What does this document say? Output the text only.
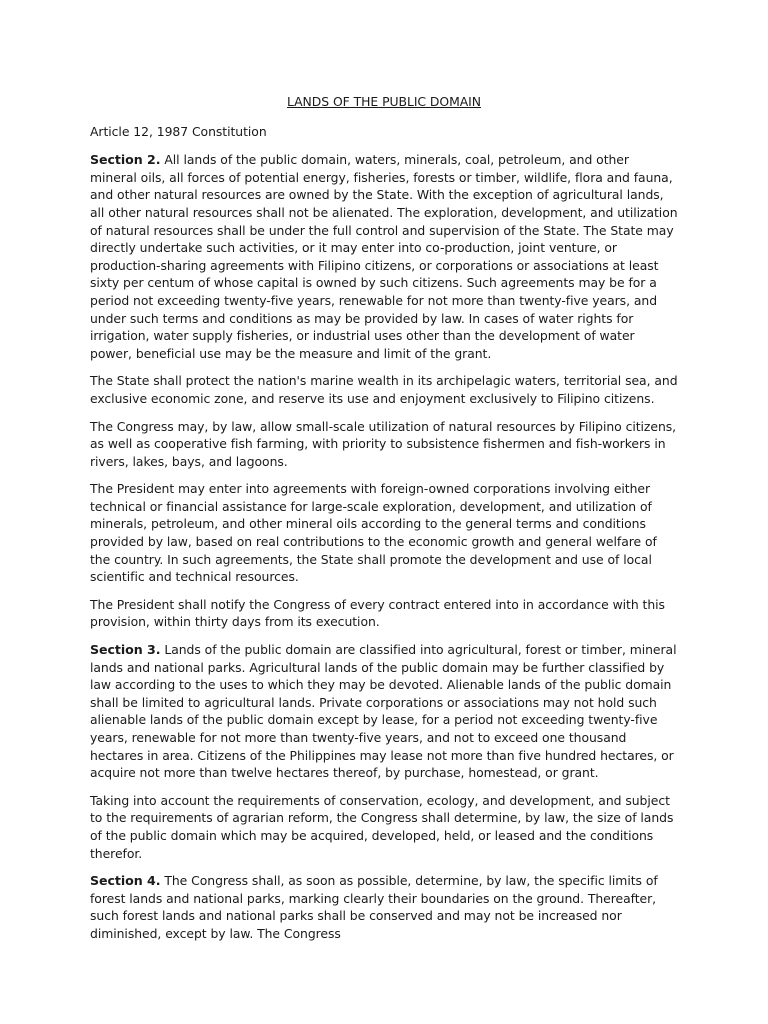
LANDS OF THE PUBLIC DOMAIN
Article 12, 1987 Constitution

Section 2. All lands of the public domain, waters, minerals, coal, petroleum, and other mineral oils, all forces of potential energy, fisheries, forests or timber, wildlife, flora and fauna, and other natural resources are owned by the State. With the exception of agricultural lands, all other natural resources shall not be alienated. The exploration, development, and utilization of natural resources shall be under the full control and supervision of the State. The State may directly undertake such activities, or it may enter into co-production, joint venture, or production-sharing agreements with Filipino citizens, or corporations or associations at least sixty per centum of whose capital is owned by such citizens. Such agreements may be for a period not exceeding twenty-five years, renewable for not more than twenty-five years, and under such terms and conditions as may be provided by law. In cases of water rights for irrigation, water supply fisheries, or industrial uses other than the development of water power, beneficial use may be the measure and limit of the grant.

The State shall protect the nation's marine wealth in its archipelagic waters, territorial sea, and exclusive economic zone, and reserve its use and enjoyment exclusively to Filipino citizens.

The Congress may, by law, allow small-scale utilization of natural resources by Filipino citizens, as well as cooperative fish farming, with priority to subsistence fishermen and fish-workers in rivers, lakes, bays, and lagoons.

The President may enter into agreements with foreign-owned corporations involving either technical or financial assistance for large-scale exploration, development, and utilization of minerals, petroleum, and other mineral oils according to the general terms and conditions provided by law, based on real contributions to the economic growth and general welfare of the country. In such agreements, the State shall promote the development and use of local scientific and technical resources.

The President shall notify the Congress of every contract entered into in accordance with this provision, within thirty days from its execution.

Section 3. Lands of the public domain are classified into agricultural, forest or timber, mineral lands and national parks. Agricultural lands of the public domain may be further classified by law according to the uses to which they may be devoted. Alienable lands of the public domain shall be limited to agricultural lands. Private corporations or associations may not hold such alienable lands of the public domain except by lease, for a period not exceeding twenty-five years, renewable for not more than twenty-five years, and not to exceed one thousand hectares in area. Citizens of the Philippines may lease not more than five hundred hectares, or acquire not more than twelve hectares thereof, by purchase, homestead, or grant.

Taking into account the requirements of conservation, ecology, and development, and subject to the requirements of agrarian reform, the Congress shall determine, by law, the size of lands of the public domain which may be acquired, developed, held, or leased and the conditions therefor.

Section 4. The Congress shall, as soon as possible, determine, by law, the specific limits of forest lands and national parks, marking clearly their boundaries on the ground. Thereafter, such forest lands and national parks shall be conserved and may not be increased nor diminished, except by law. The Congress
